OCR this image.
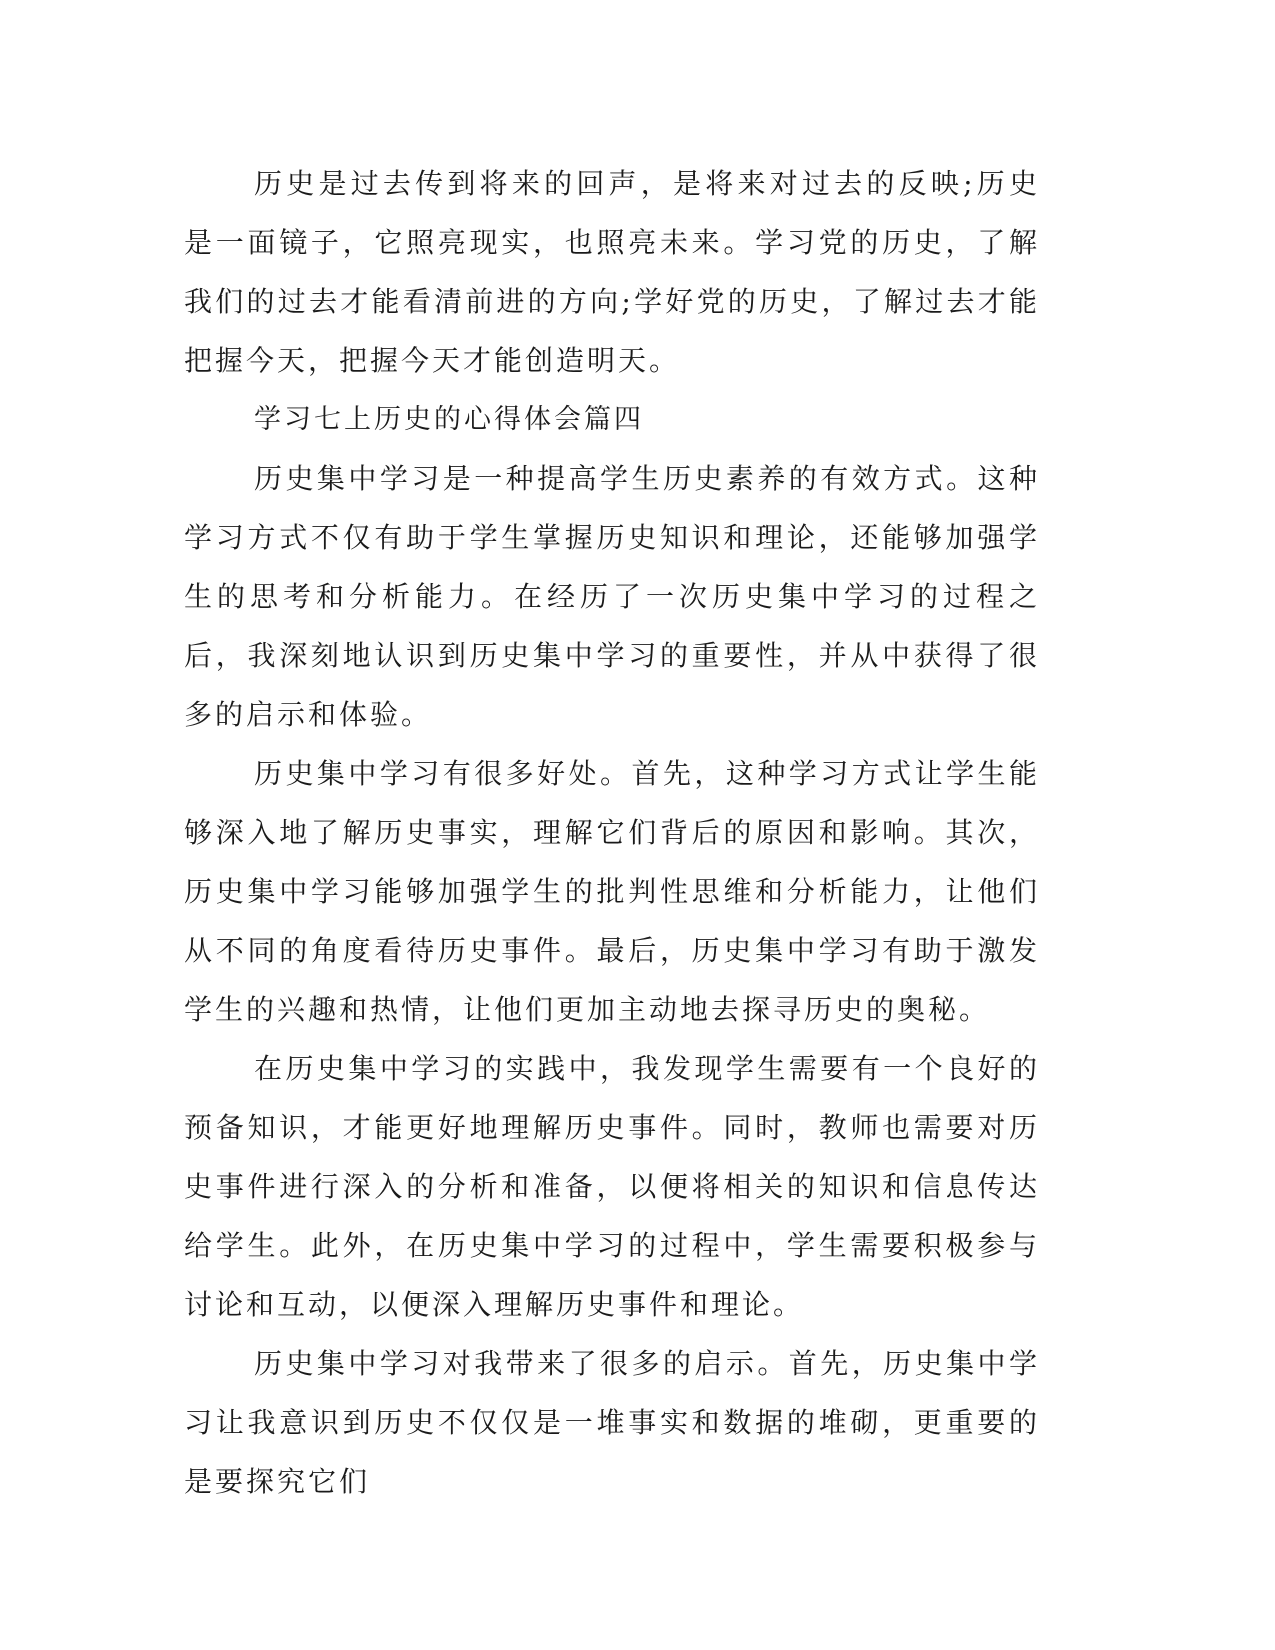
历史是过去传到将来的回声，是将来对过去的反映;历史是一面镜子，它照亮现实，也照亮未来。学习党的历史，了解我们的过去才能看清前进的方向;学好党的历史，了解过去才能把握今天，把握今天才能创造明天。

学习七上历史的心得体会篇四

历史集中学习是一种提高学生历史素养的有效方式。这种学习方式不仅有助于学生掌握历史知识和理论，还能够加强学生的思考和分析能力。在经历了一次历史集中学习的过程之后，我深刻地认识到历史集中学习的重要性，并从中获得了很多的启示和体验。

历史集中学习有很多好处。首先，这种学习方式让学生能够深入地了解历史事实，理解它们背后的原因和影响。其次，历史集中学习能够加强学生的批判性思维和分析能力，让他们从不同的角度看待历史事件。最后，历史集中学习有助于激发学生的兴趣和热情，让他们更加主动地去探寻历史的奥秘。

在历史集中学习的实践中，我发现学生需要有一个良好的预备知识，才能更好地理解历史事件。同时，教师也需要对历史事件进行深入的分析和准备，以便将相关的知识和信息传达给学生。此外，在历史集中学习的过程中，学生需要积极参与讨论和互动，以便深入理解历史事件和理论。

历史集中学习对我带来了很多的启示。首先，历史集中学习让我意识到历史不仅仅是一堆事实和数据的堆砌，更重要的是要探究它们
